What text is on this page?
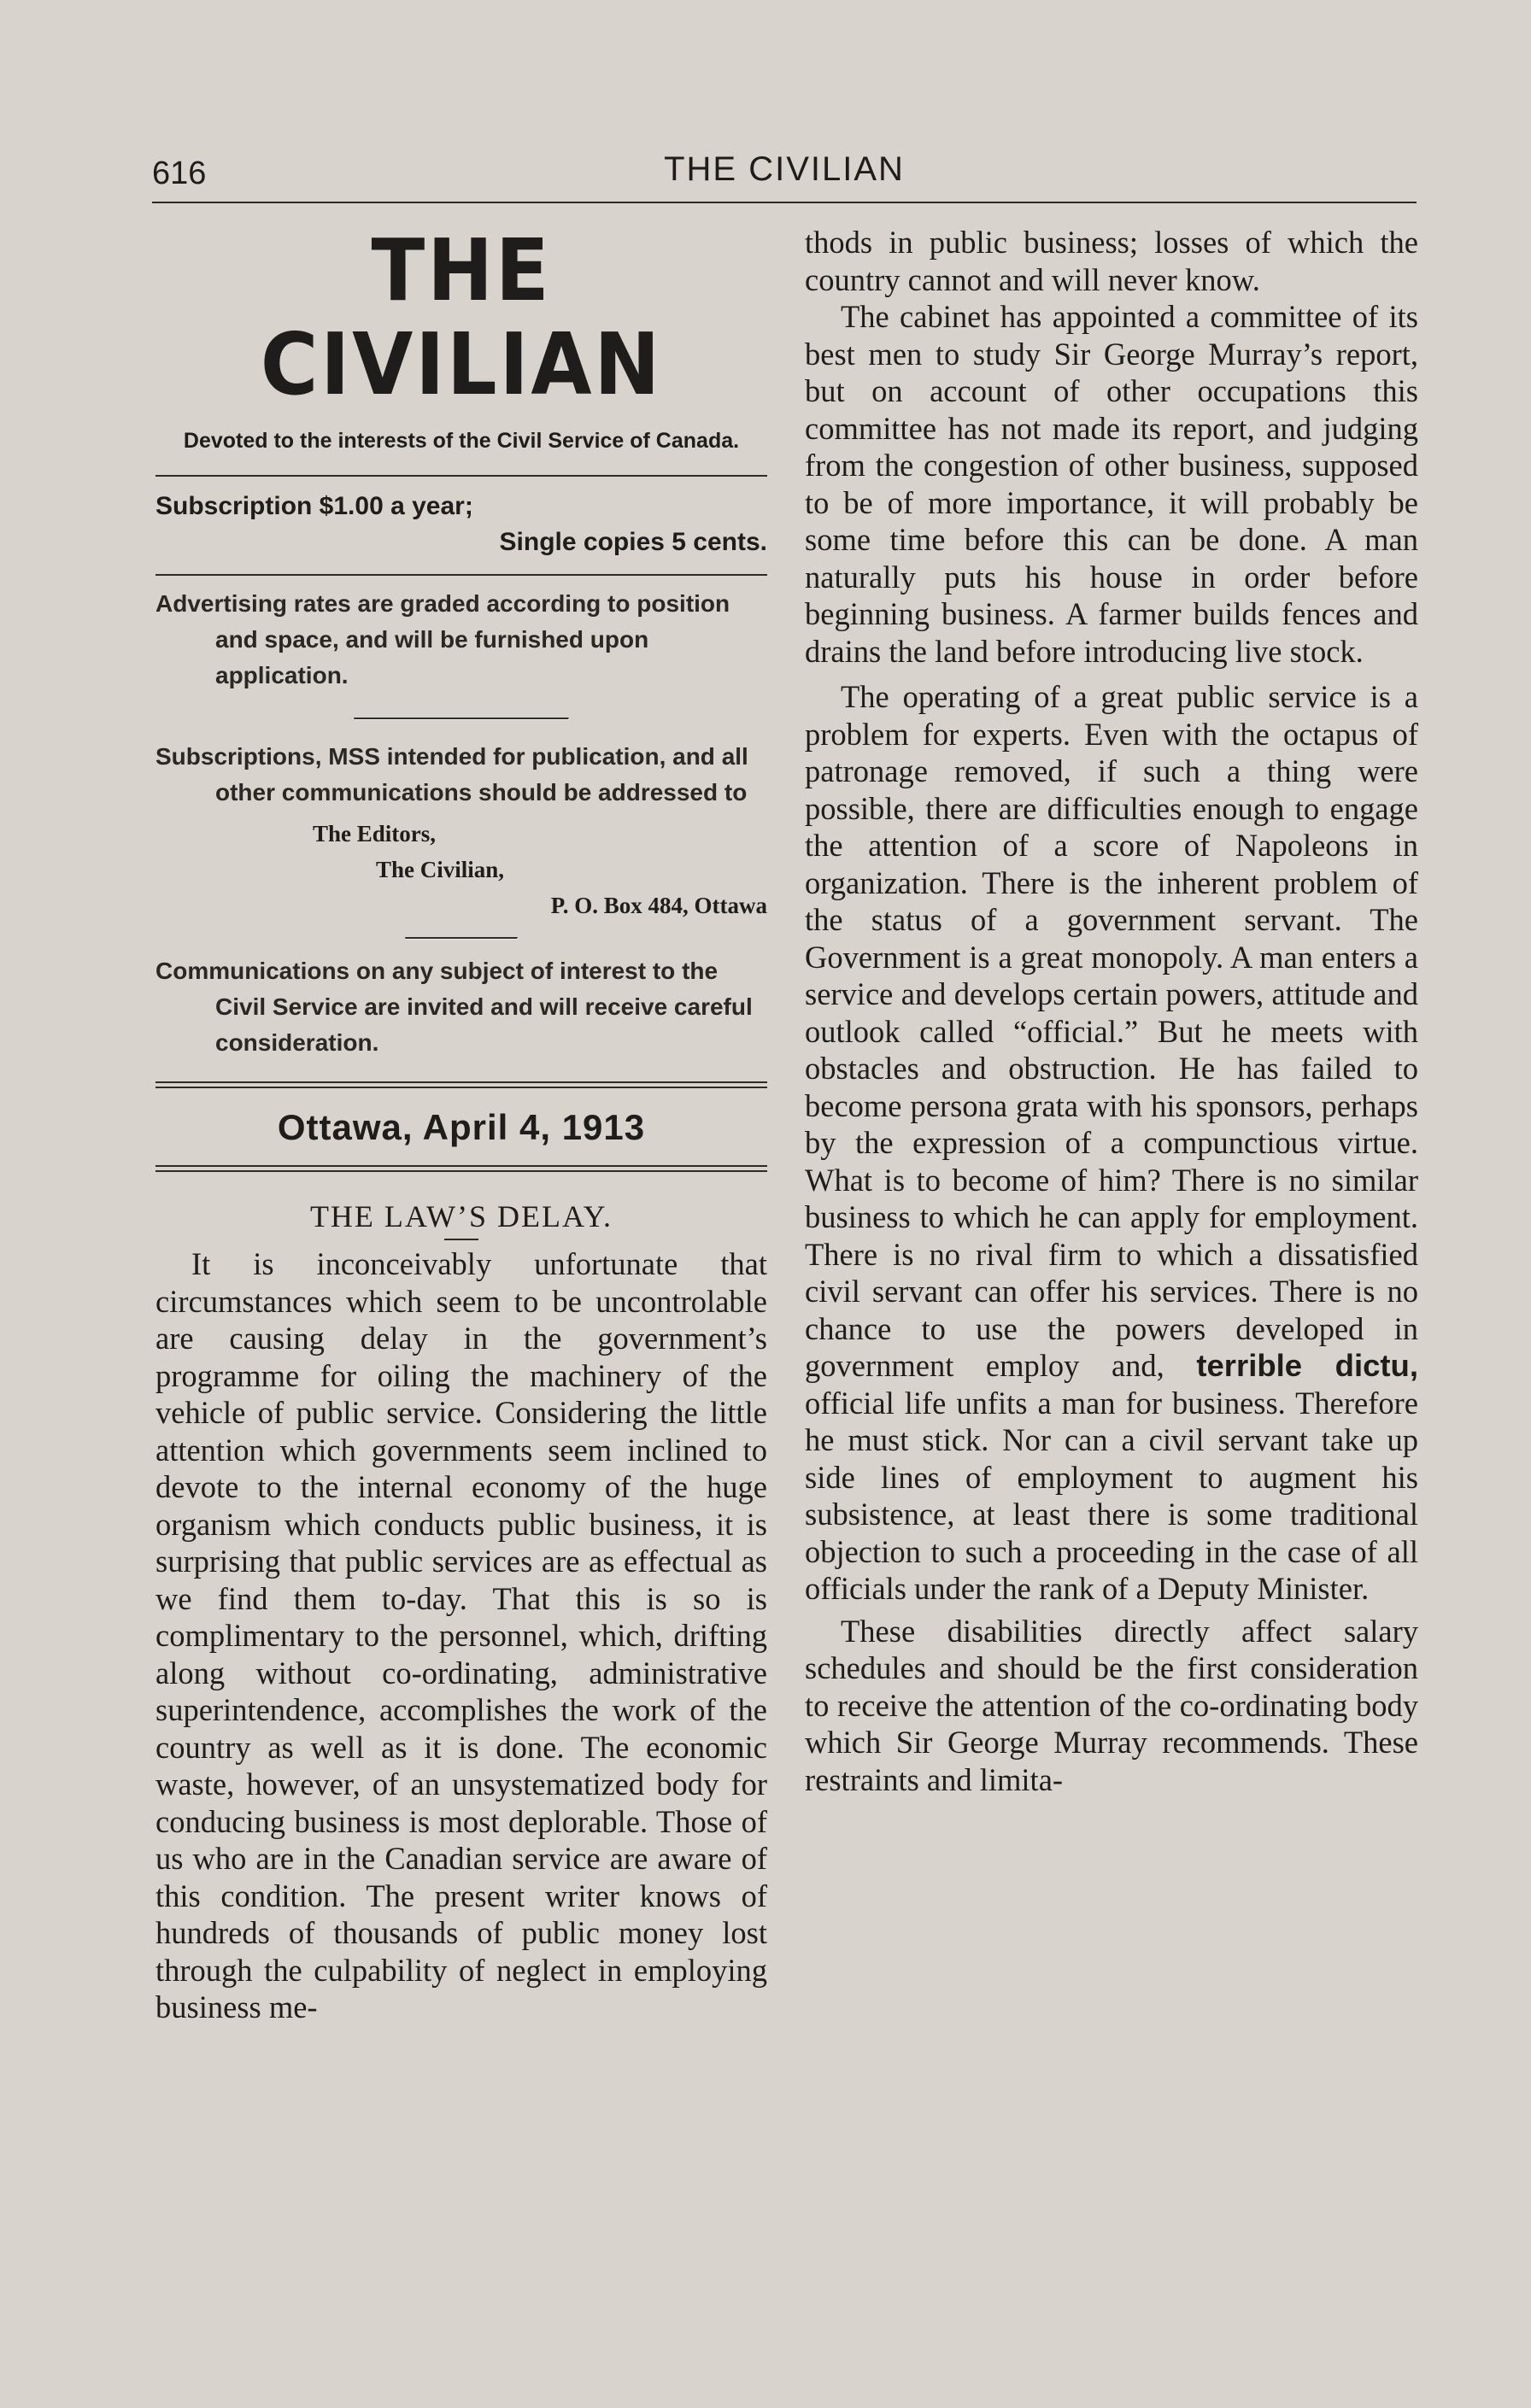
616	THE CIVILIAN
THE CIVILIAN
Devoted to the interests of the Civil Service of Canada.
Subscription $1.00 a year;
Single copies 5 cents.
Advertising rates are graded according to position and space, and will be furnished upon application.
Subscriptions, MSS intended for publication, and all other communications should be addressed to
The Editors,
The Civilian,
P. O. Box 484, Ottawa
Communications on any subject of interest to the Civil Service are invited and will receive careful consideration.
Ottawa, April 4, 1913
THE LAW’S DELAY.

It is inconceivably unfortunate that circumstances which seem to be uncontrolable are causing delay in the government’s programme for oiling the machinery of the vehicle of public service. Considering the little attention which governments seem inclined to devote to the internal economy of the huge organism which conducts public business, it is surprising that public services are as effectual as we find them to-day. That this is so is complimentary to the personnel, which, drifting along without co-ordinating, administrative superintendence, accomplishes the work of the country as well as it is done. The economic waste, however, of an unsystematized body for conducing business is most deplorable. Those of us who are in the Canadian service are aware of this condition. The present writer knows of hundreds of thousands of public money lost through the culpability of neglect in employing business me-

thods in public business; losses of which the country cannot and will never know.

The cabinet has appointed a committee of its best men to study Sir George Murray’s report, but on account of other occupations this committee has not made its report, and judging from the congestion of other business, supposed to be of more importance, it will probably be some time before this can be done. A man naturally puts his house in order before beginning business. A farmer builds fences and drains the land before introducing live stock.

The operating of a great public service is a problem for experts. Even with the octapus of patronage removed, if such a thing were possible, there are difficulties enough to engage the attention of a score of Napoleons in organization. There is the inherent problem of the status of a government servant. The Government is a great monopoly. A man enters a service and develops certain powers, attitude and outlook called “official.” But he meets with obstacles and obstruction. He has failed to become persona grata with his sponsors, perhaps by the expression of a compunctious virtue. What is to become of him? There is no similar business to which he can apply for employment. There is no rival firm to which a dissatisfied civil servant can offer his services. There is no chance to use the powers developed in government employ and, terrible dictu, official life unfits a man for business. Therefore he must stick. Nor can a civil servant take up side lines of employment to augment his subsistence, at least there is some traditional objection to such a proceeding in the case of all officials under the rank of a Deputy Minister.

These disabilities directly affect salary schedules and should be the first consideration to receive the attention of the co-ordinating body which Sir George Murray recommends. These restraints and limita-
